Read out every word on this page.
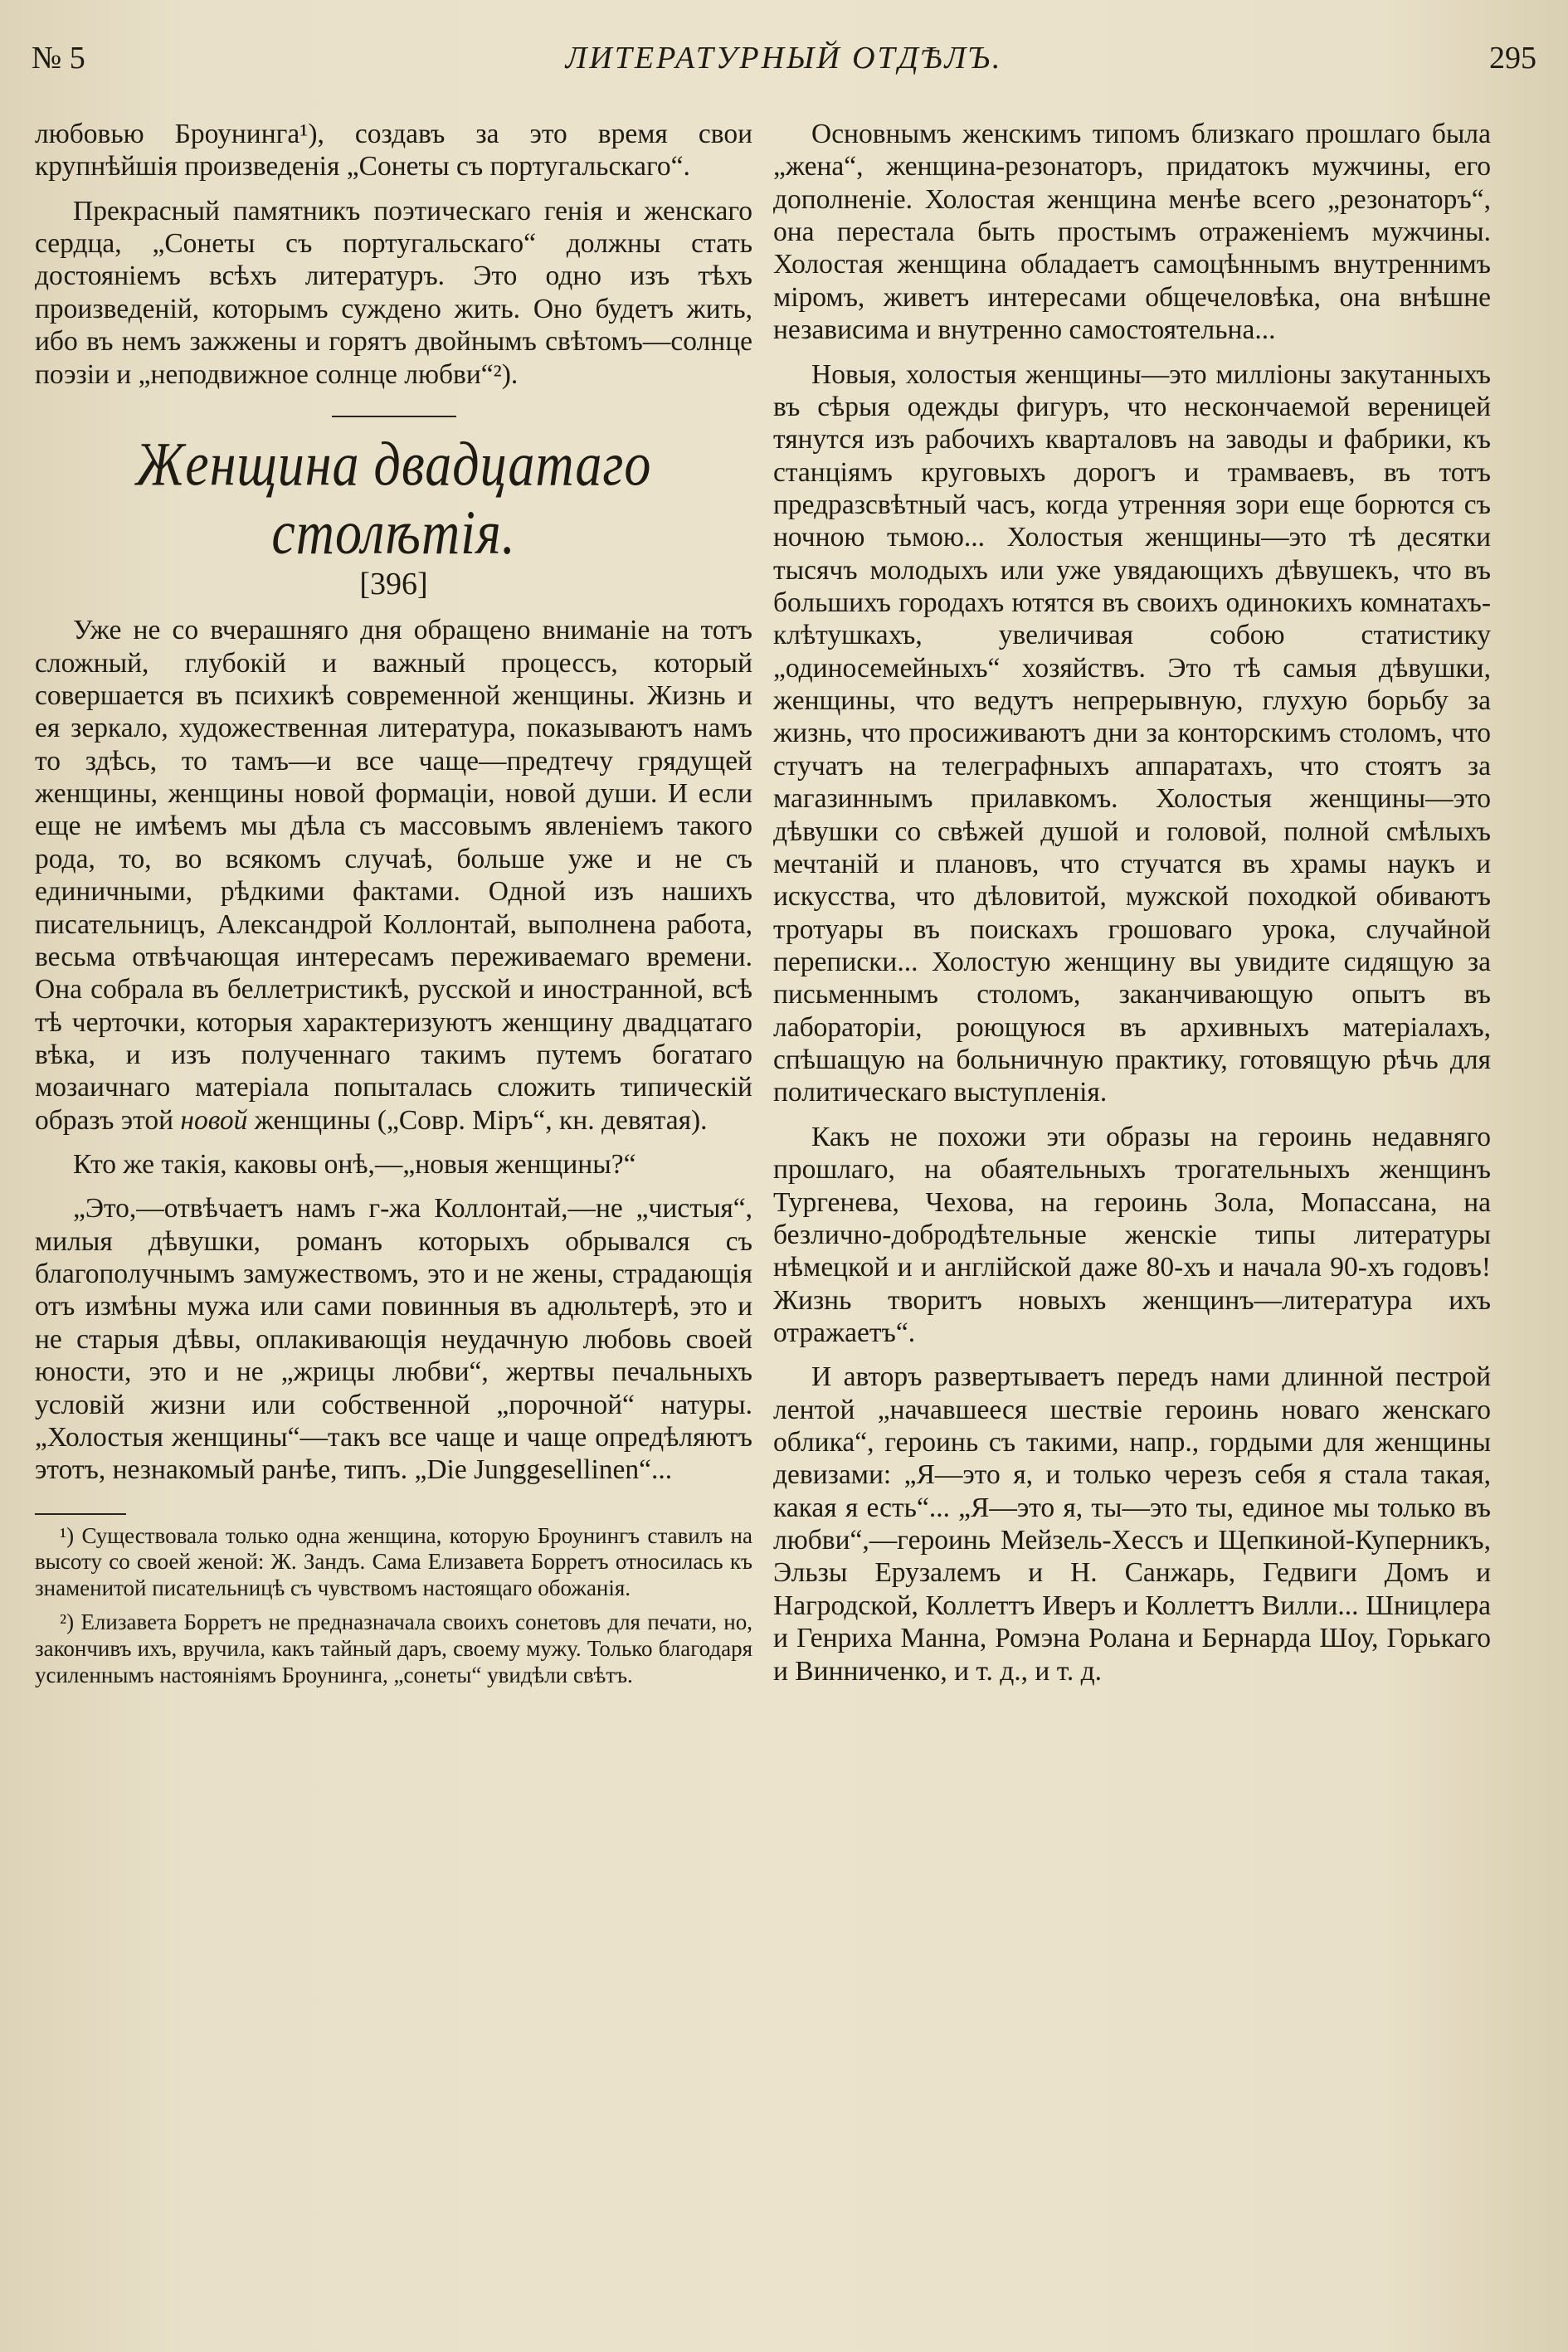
№ 5	ЛИТЕРАТУРНЫЙ ОТДѢЛЪ.	295

любовью Броунинга¹), создавъ за это время свои крупнѣйшія произведенія „Сонеты съ португальскаго“.

Прекрасный памятникъ поэтическаго генія и женскаго сердца, „Сонеты съ португальскаго“ должны стать достояніемъ всѣхъ литературъ. Это одно изъ тѣхъ произведеній, которымъ суждено жить. Оно будетъ жить, ибо въ немъ зажжены и горятъ двойнымъ свѣтомъ—солнце поэзіи и „неподвижное солнце любви“²).

Женщина двадцатаго столѣтія.
[396]

Уже не со вчерашняго дня обращено вниманіе на тотъ сложный, глубокій и важный процессъ, который совершается въ психикѣ современной женщины. Жизнь и ея зеркало, художественная литература, показываютъ намъ то здѣсь, то тамъ—и все чаще—предтечу грядущей женщины, женщины новой формаціи, новой души. И если еще не имѣемъ мы дѣла съ массовымъ явленіемъ такого рода, то, во всякомъ случаѣ, больше уже и не съ единичными, рѣдкими фактами. Одной изъ нашихъ писательницъ, Александрой Коллонтай, выполнена работа, весьма отвѣчающая интересамъ переживаемаго времени. Она собрала въ беллетристикѣ, русской и иностранной, всѣ тѣ черточки, которыя характеризуютъ женщину двадцатаго вѣка, и изъ полученнаго такимъ путемъ богатаго мозаичнаго матеріала попыталась сложить типическій образъ этой новой женщины („Совр. Міръ“, кн. девятая).

Кто же такія, каковы онѣ,—„новыя женщины?“

„Это,—отвѣчаетъ намъ г-жа Коллонтай,—не „чистыя“, милыя дѣвушки, романъ которыхъ обрывался съ благополучнымъ замужествомъ, это и не жены, страдающія отъ измѣны мужа или сами повинныя въ адюльтерѣ, это и не старыя дѣвы, оплакивающія неудачную любовь своей юности, это и не „жрицы любви“, жертвы печальныхъ условій жизни или собственной „порочной“ натуры. „Холостыя женщины“—такъ все чаще и чаще опредѣляютъ этотъ, незнакомый ранѣе, типъ. „Die Junggesellinen“...

¹) Существовала только одна женщина, которую Броунингъ ставилъ на высоту со своей женой: Ж. Зандъ. Сама Елизавета Борретъ относилась къ знаменитой писательницѣ съ чувствомъ настоящаго обожанія.

²) Елизавета Борретъ не предназначала своихъ сонетовъ для печати, но, закончивъ ихъ, вручила, какъ тайный даръ, своему мужу. Только благодаря усиленнымъ настояніямъ Броунинга, „сонеты“ увидѣли свѣтъ.

Основнымъ женскимъ типомъ близкаго прошлаго была „жена“, женщина-резонаторъ, придатокъ мужчины, его дополненіе. Холостая женщина менѣе всего „резонаторъ“, она перестала быть простымъ отраженіемъ мужчины. Холостая женщина обладаетъ самоцѣннымъ внутреннимъ міромъ, живетъ интересами общечеловѣка, она внѣшне независима и внутренно самостоятельна...

Новыя, холостыя женщины—это милліоны закутанныхъ въ сѣрыя одежды фигуръ, что нескончаемой вереницей тянутся изъ рабочихъ кварталовъ на заводы и фабрики, къ станціямъ круговыхъ дорогъ и трамваевъ, въ тотъ предразсвѣтный часъ, когда утренняя зори еще борются съ ночною тьмою... Холостыя женщины—это тѣ десятки тысячъ молодыхъ или уже увядающихъ дѣвушекъ, что въ большихъ городахъ ютятся въ своихъ одинокихъ комнатахъ-клѣтушкахъ, увеличивая собою статистику „одиносемейныхъ“ хозяйствъ. Это тѣ самыя дѣвушки, женщины, что ведутъ непрерывную, глухую борьбу за жизнь, что просиживаютъ дни за конторскимъ столомъ, что стучатъ на телеграфныхъ аппаратахъ, что стоятъ за магазиннымъ прилавкомъ. Холостыя женщины—это дѣвушки со свѣжей душой и головой, полной смѣлыхъ мечтаній и плановъ, что стучатся въ храмы наукъ и искусства, что дѣловитой, мужской походкой обиваютъ тротуары въ поискахъ грошоваго урока, случайной переписки... Холостую женщину вы увидите сидящую за письменнымъ столомъ, заканчивающую опытъ въ лабораторіи, роющуюся въ архивныхъ матеріалахъ, спѣшащую на больничную практику, готовящую рѣчь для политическаго выступленія.

Какъ не похожи эти образы на героинь недавняго прошлаго, на обаятельныхъ трогательныхъ женщинъ Тургенева, Чехова, на героинь Зола, Мопассана, на безлично-добродѣтельные женскіе типы литературы нѣмецкой и и англійской даже 80-хъ и начала 90-хъ годовъ! Жизнь творитъ новыхъ женщинъ—литература ихъ отражаетъ“.

И авторъ развертываетъ передъ нами длинной пестрой лентой „начавшееся шествіе героинь новаго женскаго облика“, героинь съ такими, напр., гордыми для женщины девизами: „Я—это я, и только черезъ себя я стала такая, какая я есть“... „Я—это я, ты—это ты, единое мы только въ любви“,—героинь Мейзель-Хессъ и Щепкиной-Куперникъ, Эльзы Ерузалемъ и Н. Санжарь, Гедвиги Домъ и Нагродской, Коллеттъ Иверъ и Коллеттъ Вилли... Шницлера и Генриха Манна, Ромэна Ролана и Бернарда Шоу, Горькаго и Винниченко, и т. д., и т. д.
